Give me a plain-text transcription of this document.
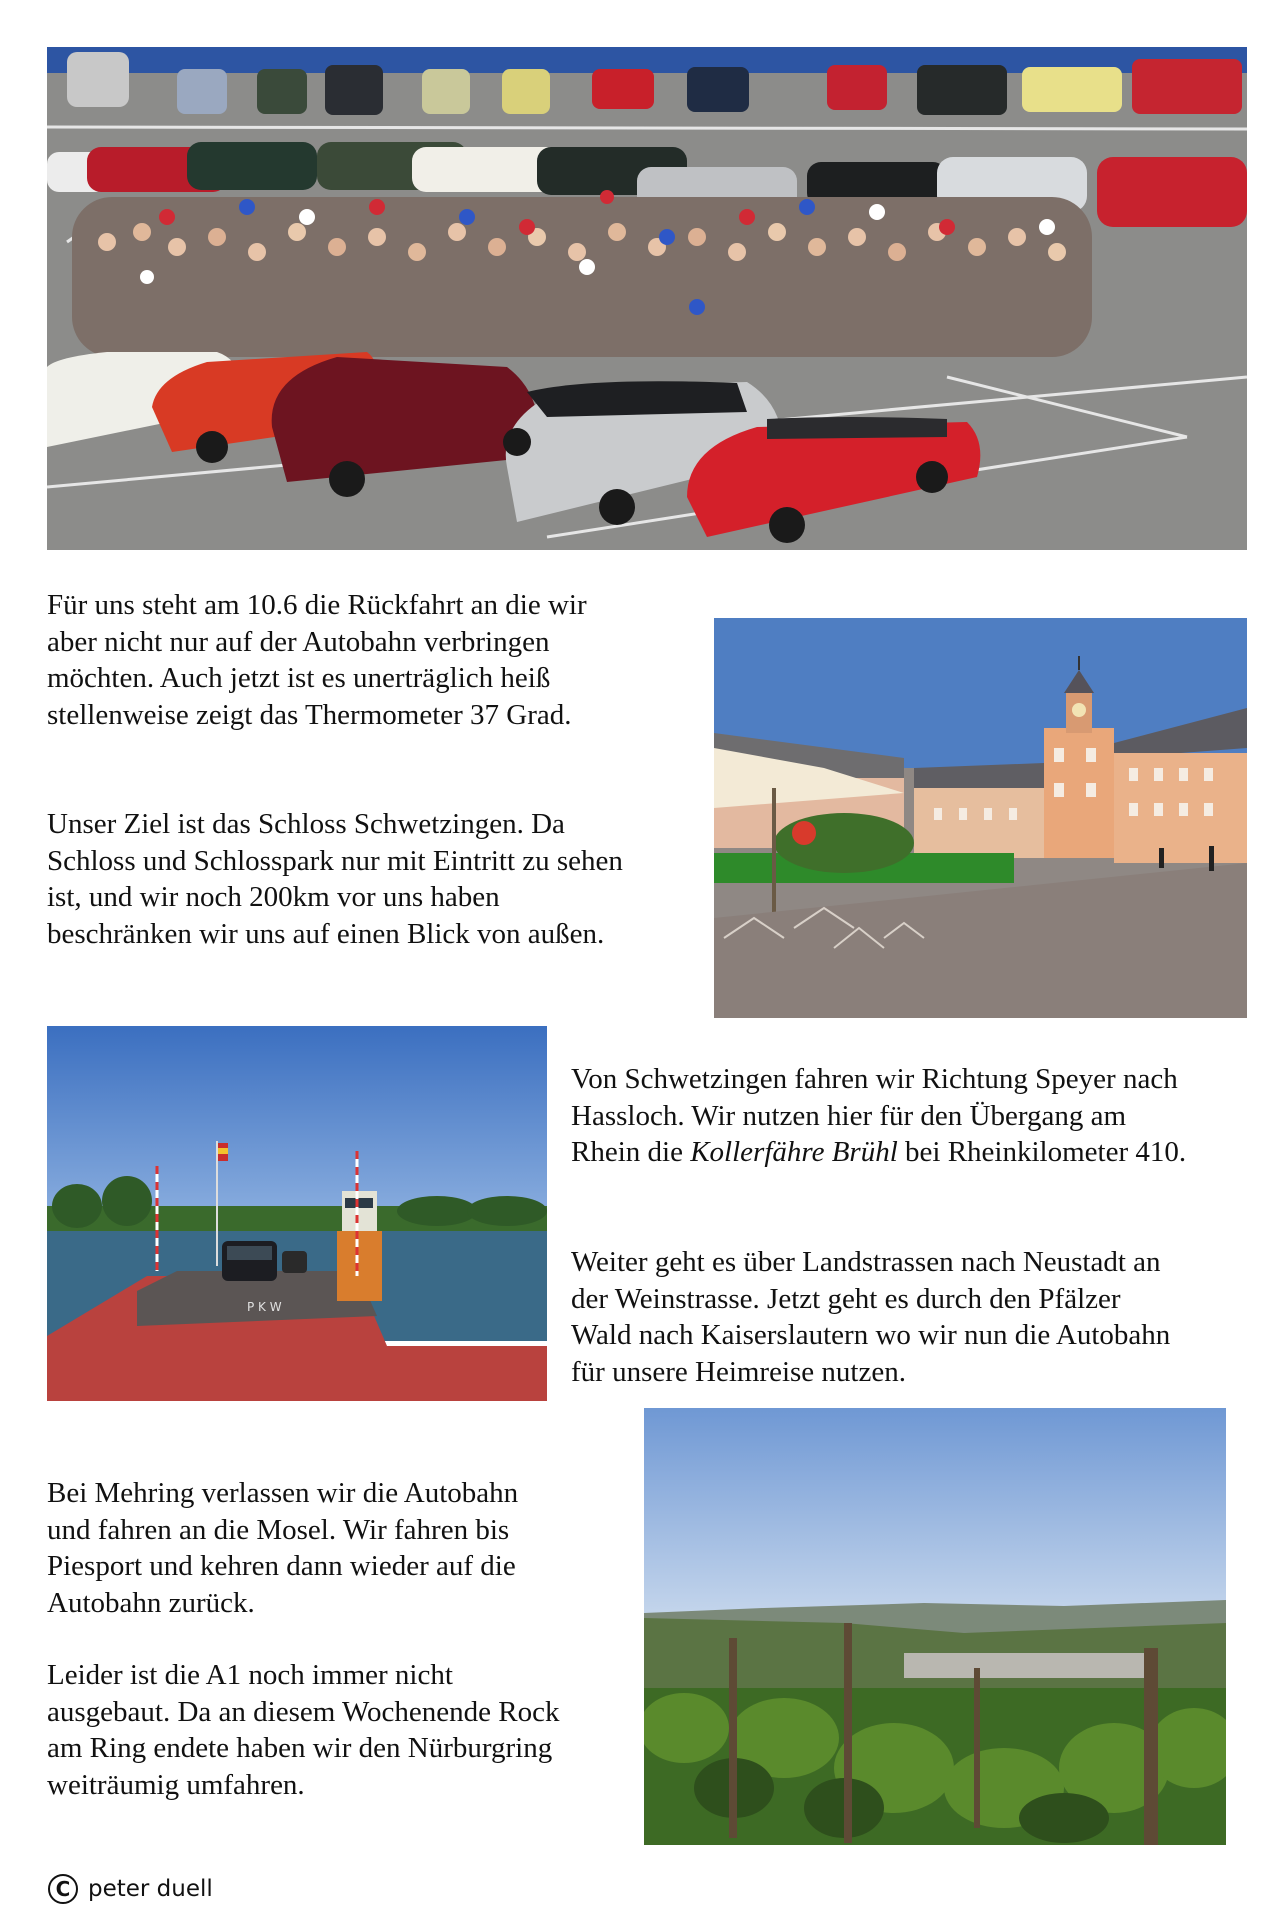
P K W

Für uns steht am 10.6 die Rückfahrt an die wir
aber nicht nur auf der Autobahn verbringen
möchten. Auch jetzt ist es unerträglich heiß
stellenweise zeigt das Thermometer 37 Grad.

Unser Ziel ist das Schloss Schwetzingen. Da
Schloss und Schlosspark nur mit Eintritt zu sehen
ist, und wir noch 200km vor uns haben
beschränken wir uns auf einen Blick von außen.

Von Schwetzingen fahren wir Richtung Speyer nach
Hassloch. Wir nutzen hier für den Übergang am
Rhein die Kollerfähre Brühl bei Rheinkilometer 410.

Weiter geht es über Landstrassen nach Neustadt an
der Weinstrasse. Jetzt geht es durch den Pfälzer
Wald nach Kaiserslautern wo wir nun die Autobahn
für unsere Heimreise nutzen.

Bei Mehring verlassen wir die Autobahn
und fahren an die Mosel. Wir fahren bis
Piesport und kehren dann wieder auf die
Autobahn zurück.

Leider ist die A1 noch immer nicht
ausgebaut. Da an diesem Wochenende Rock
am Ring endete haben wir den Nürburgring
weiträumig umfahren.

C peter duell
